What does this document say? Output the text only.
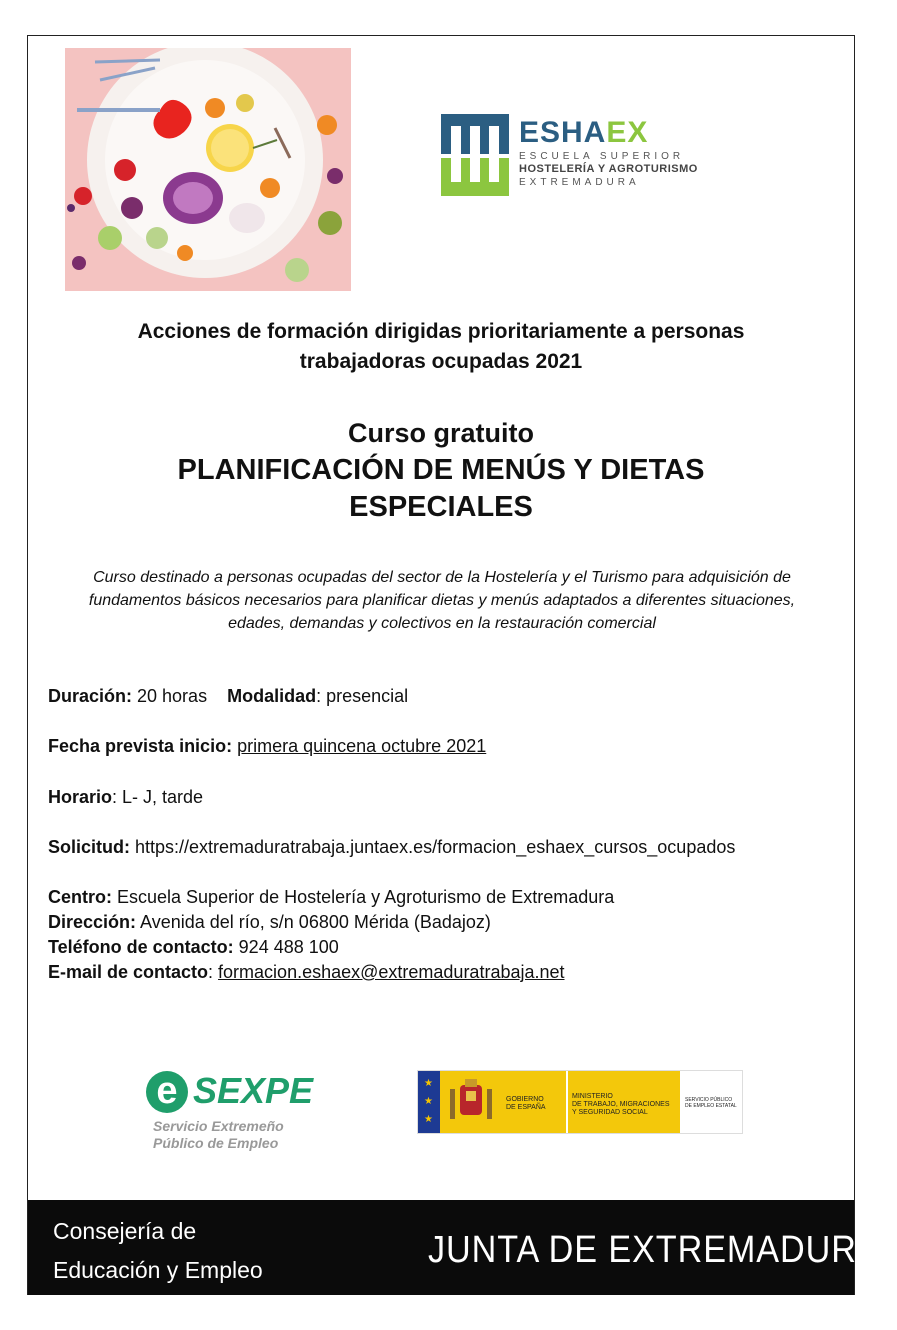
ESHAEX
ESCUELA SUPERIOR
HOSTELERÍA Y AGROTURISMO
EXTREMADURA
Acciones de formación dirigidas prioritariamente a personas
trabajadoras ocupadas 2021
Curso gratuito
PLANIFICACIÓN DE MENÚS Y DIETAS
ESPECIALES
Curso destinado a personas ocupadas del sector de la Hostelería y el Turismo para adquisición de
fundamentos básicos necesarios para planificar dietas y menús adaptados a diferentes situaciones,
edades, demandas y colectivos en la restauración comercial
Duración: 20 horas Modalidad: presencial
Fecha prevista inicio: primera quincena octubre 2021
Horario: L- J, tarde
Solicitud: https://extremaduratrabaja.juntaex.es/formacion_eshaex_cursos_ocupados
Centro: Escuela Superior de Hostelería y Agroturismo de Extremadura
Dirección: Avenida del río, s/n 06800 Mérida (Badajoz)
Teléfono de contacto: 924 488 100
E-mail de contacto: formacion.eshaex@extremaduratrabaja.net
e SEXPE
Servicio Extremeño
Público de Empleo
★
★
★
GOBIERNO
DE ESPAÑA
MINISTERIO
DE TRABAJO, MIGRACIONES
Y SEGURIDAD SOCIAL
SERVICIO PÚBLICO
DE EMPLEO ESTATAL
Consejería de
Educación y Empleo	JUNTA DE EXTREMADURA
